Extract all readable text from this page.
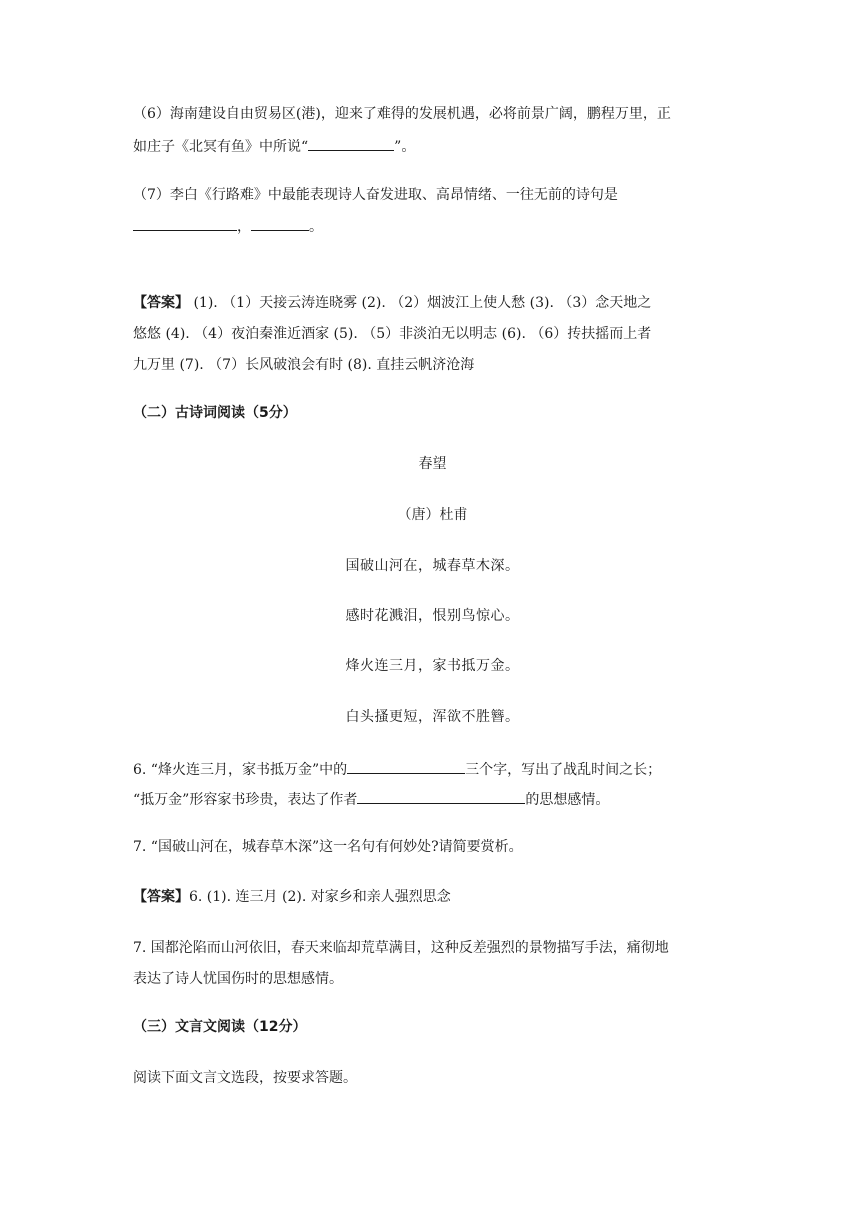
（6）海南建设自由贸易区(港)，迎来了难得的发展机遇，必将前景广阔，鹏程万里，正
如庄子《北冥有鱼》中所说“	”。
（7）李白《行路难》中最能表现诗人奋发进取、高昂情绪、一往无前的诗句是
，	。
【答案】 (1). （1）天接云涛连晓雾 (2). （2）烟波江上使人愁 (3). （3）念天地之
悠悠 (4). （4）夜泊秦淮近酒家 (5). （5）非淡泊无以明志 (6). （6）抟扶摇而上者
九万里 (7). （7）长风破浪会有时 (8). 直挂云帆济沧海
（二）古诗词阅读（5分）
春望
（唐）杜甫
国破山河在，城春草木深。
感时花溅泪，恨别鸟惊心。
烽火连三月，家书抵万金。
白头搔更短，浑欲不胜簪。
6. “烽火连三月，家书抵万金”中的	三个字，写出了战乱时间之长；
“抵万金”形容家书珍贵，表达了作者	的思想感情。
7. “国破山河在，城春草木深”这一名句有何妙处?请简要赏析。
【答案】6. (1). 连三月 (2). 对家乡和亲人强烈思念
7. 国都沦陷而山河依旧，春天来临却荒草满目，这种反差强烈的景物描写手法，痛彻地
表达了诗人忧国伤时的思想感情。
（三）文言文阅读（12分）
阅读下面文言文选段，按要求答题。
